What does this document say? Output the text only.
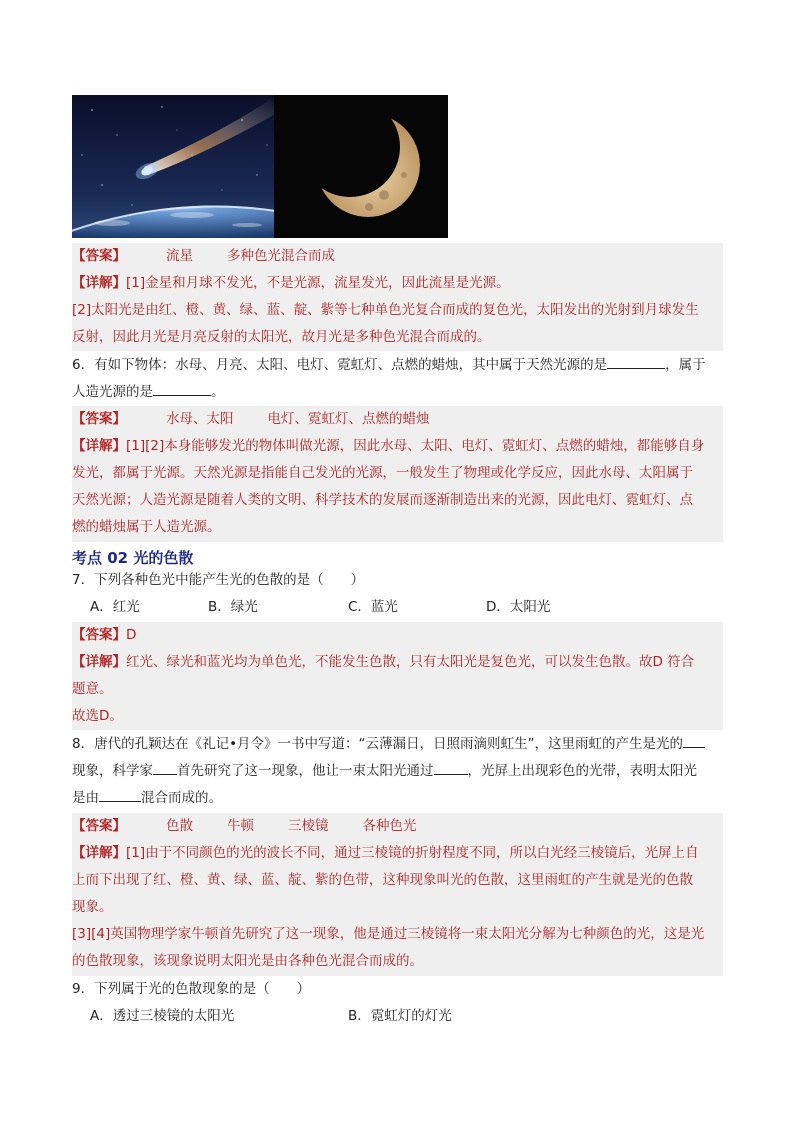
【答案】	流星	多种色光混合而成
【详解】[1]金星和月球不发光，不是光源，流星发光，因此流星是光源。
[2]太阳光是由红、橙、黄、绿、蓝、靛、紫等七种单色光复合而成的复色光，太阳发出的光射到月球发生
反射，因此月光是月亮反射的太阳光，故月光是多种色光混合而成的。
6．有如下物体：水母、月亮、太阳、电灯、霓虹灯、点燃的蜡烛，其中属于天然光源的是	，属于
人造光源的是	。
【答案】	水母、太阳	电灯、霓虹灯、点燃的蜡烛
【详解】[1][2]本身能够发光的物体叫做光源，因此水母、太阳、电灯、霓虹灯、点燃的蜡烛，都能够自身
发光，都属于光源。天然光源是指能自己发光的光源，一般发生了物理或化学反应，因此水母、太阳属于
天然光源；人造光源是随着人类的文明、科学技术的发展而逐渐制造出来的光源，因此电灯、霓虹灯、点
燃的蜡烛属于人造光源。
考点 02 光的色散
7．下列各种色光中能产生光的色散的是（　　）
A．红光	B．绿光	C．蓝光	D．太阳光
【答案】D
【详解】红光、绿光和蓝光均为单色光，不能发生色散，只有太阳光是复色光，可以发生色散。故D 符合
题意。
故选D。
8．唐代的孔颖达在《礼记•月令》一书中写道：“云薄漏日，日照雨滴则虹生”，这里雨虹的产生是光的
现象，科学家 首先研究了这一现象，他让一束太阳光通过	，光屏上出现彩色的光带，表明太阳光
是由	混合而成的。
【答案】	色散	牛顿	三棱镜	各种色光
【详解】[1]由于不同颜色的光的波长不同，通过三棱镜的折射程度不同，所以白光经三棱镜后，光屏上自
上而下出现了红、橙、黄、绿、蓝、靛、紫的色带，这种现象叫光的色散，这里雨虹的产生就是光的色散
现象。
[3][4]英国物理学家牛顿首先研究了这一现象，他是通过三棱镜将一束太阳光分解为七种颜色的光，这是光
的色散现象，该现象说明太阳光是由各种色光混合而成的。
9．下列属于光的色散现象的是（　　）
A．透过三棱镜的太阳光	B．霓虹灯的灯光
